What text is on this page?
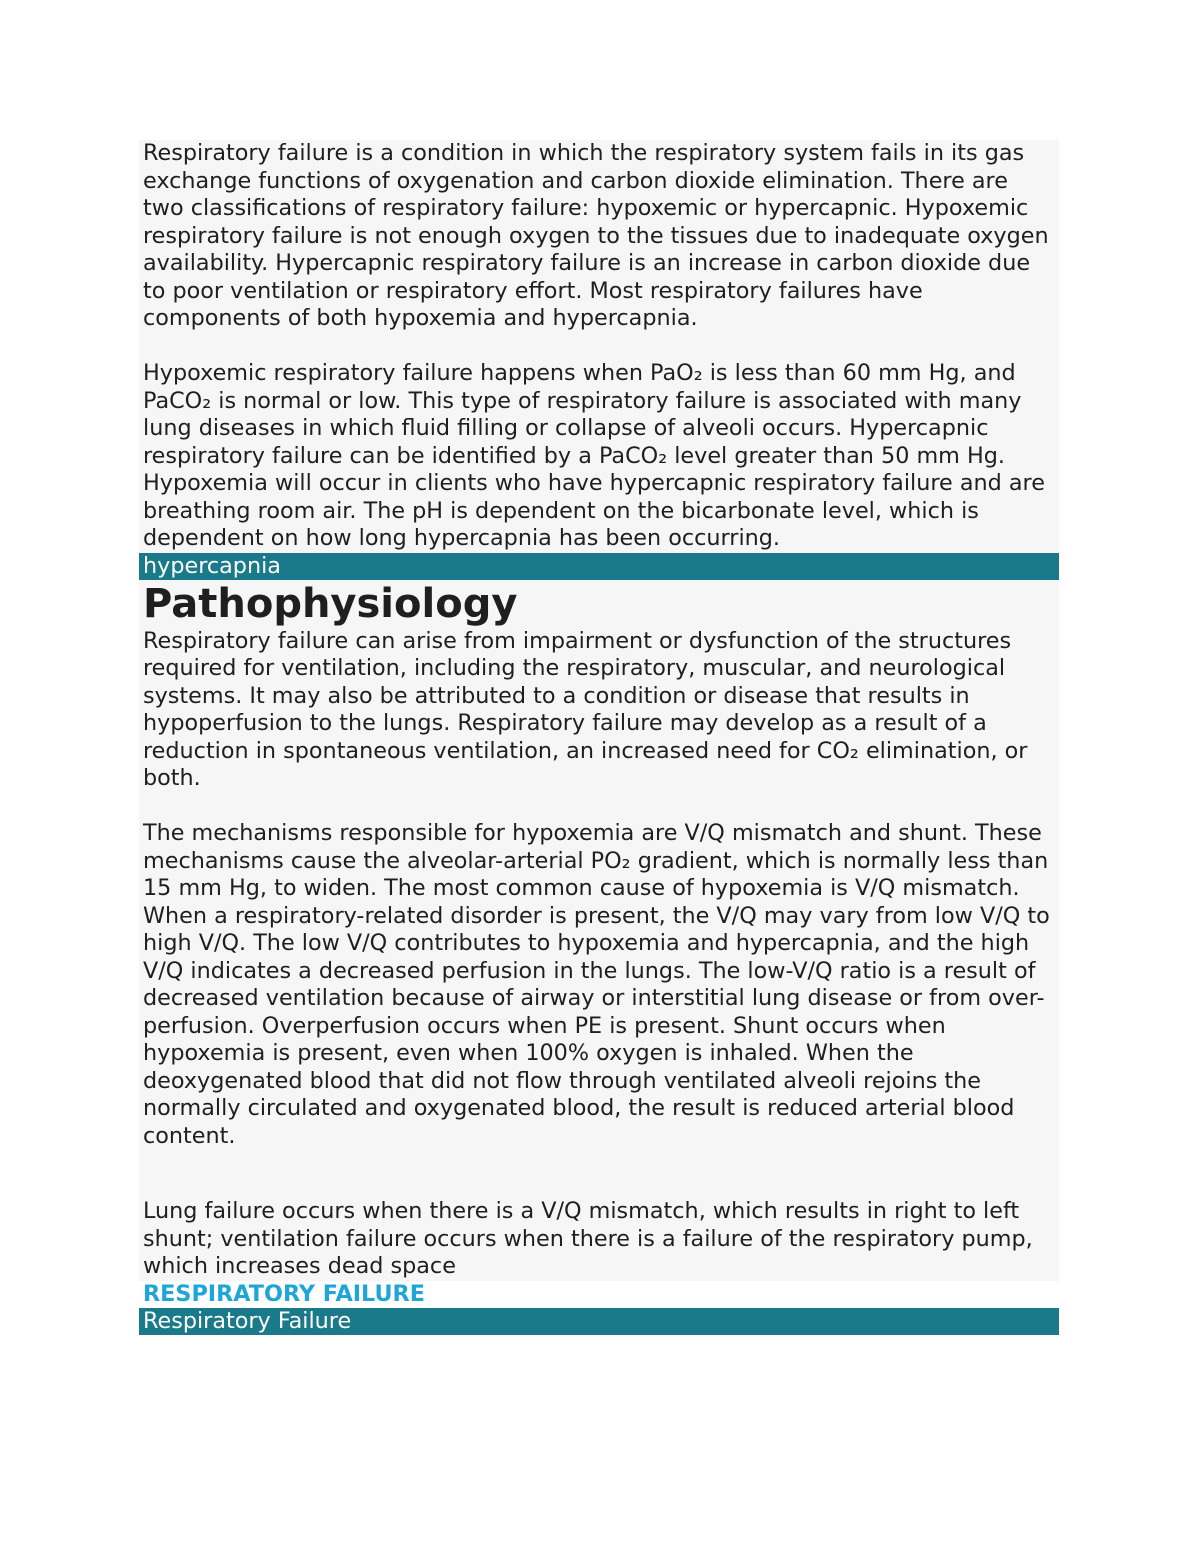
Respiratory failure is a condition in which the respiratory system fails in its gas exchange functions of oxygenation and carbon dioxide elimination. There are two classifications of respiratory failure: hypoxemic or hypercapnic. Hypoxemic respiratory failure is not enough oxygen to the tissues due to inadequate oxygen availability. Hypercapnic respiratory failure is an increase in carbon dioxide due to poor ventilation or respiratory effort. Most respiratory failures have components of both hypoxemia and hypercapnia.

Hypoxemic respiratory failure happens when PaO₂ is less than 60 mm Hg, and PaCO₂ is normal or low. This type of respiratory failure is associated with many lung diseases in which fluid filling or collapse of alveoli occurs. Hypercapnic respiratory failure can be identified by a PaCO₂ level greater than 50 mm Hg. Hypoxemia will occur in clients who have hypercapnic respiratory failure and are breathing room air. The pH is dependent on the bicarbonate level, which is dependent on how long hypercapnia has been occurring.

hypercapnia
Pathophysiology

Respiratory failure can arise from impairment or dysfunction of the structures required for ventilation, including the respiratory, muscular, and neurological systems. It may also be attributed to a condition or disease that results in hypoperfusion to the lungs. Respiratory failure may develop as a result of a reduction in spontaneous ventilation, an increased need for CO₂ elimination, or both.

The mechanisms responsible for hypoxemia are V/Q mismatch and shunt. These mechanisms cause the alveolar-arterial PO₂ gradient, which is normally less than 15 mm Hg, to widen. The most common cause of hypoxemia is V/Q mismatch. When a respiratory-related disorder is present, the V/Q may vary from low V/Q to high V/Q. The low V/Q contributes to hypoxemia and hypercapnia, and the high V/Q indicates a decreased perfusion in the lungs. The low-V/Q ratio is a result of decreased ventilation because of airway or interstitial lung disease or from over-perfusion. Overperfusion occurs when PE is present. Shunt occurs when hypoxemia is present, even when 100% oxygen is inhaled. When the deoxygenated blood that did not flow through ventilated alveoli rejoins the normally circulated and oxygenated blood, the result is reduced arterial blood content.

Lung failure occurs when there is a V/Q mismatch, which results in right to left shunt; ventilation failure occurs when there is a failure of the respiratory pump, which increases dead space

RESPIRATORY FAILURE
Respiratory Failure
